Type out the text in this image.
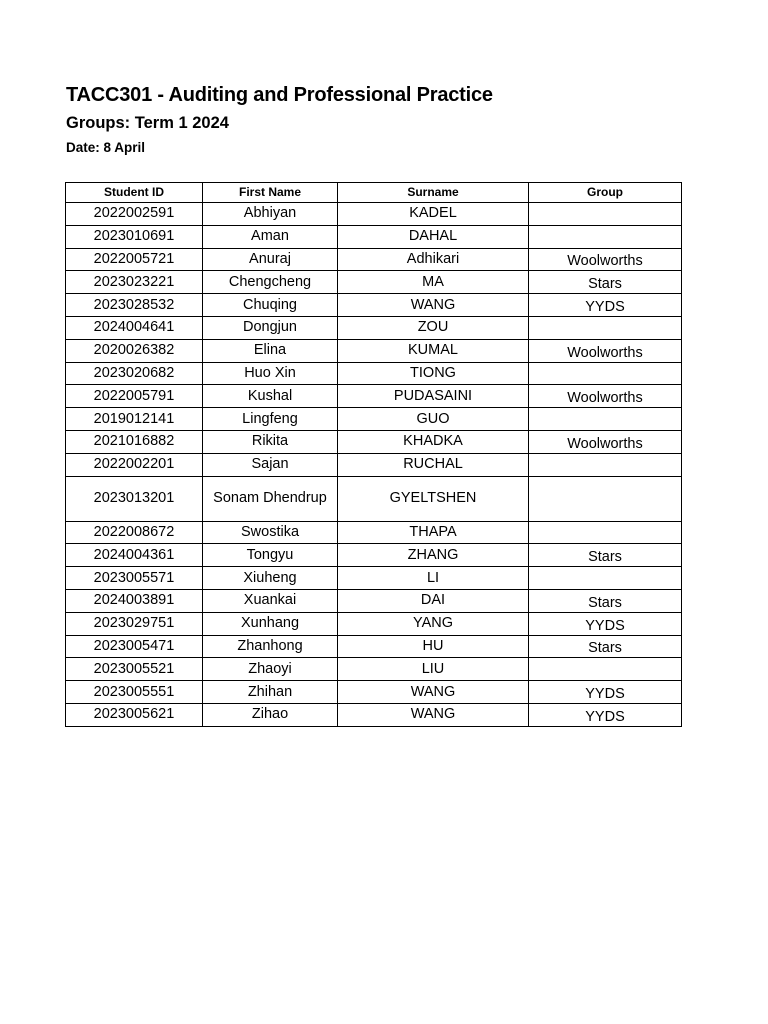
TACC301 - Auditing and Professional Practice
Groups: Term 1 2024
Date: 8 April
Student ID	First Name	Surname	Group
2022002591	Abhiyan	KADEL	
2023010691	Aman	DAHAL	
2022005721	Anuraj	Adhikari	Woolworths
2023023221	Chengcheng	MA	Stars
2023028532	Chuqing	WANG	YYDS
2024004641	Dongjun	ZOU	
2020026382	Elina	KUMAL	Woolworths
2023020682	Huo Xin	TIONG	
2022005791	Kushal	PUDASAINI	Woolworths
2019012141	Lingfeng	GUO	
2021016882	Rikita	KHADKA	Woolworths
2022002201	Sajan	RUCHAL	
2023013201	Sonam Dhendrup	GYELTSHEN	
2022008672	Swostika	THAPA	
2024004361	Tongyu	ZHANG	Stars
2023005571	Xiuheng	LI	
2024003891	Xuankai	DAI	Stars
2023029751	Xunhang	YANG	YYDS
2023005471	Zhanhong	HU	Stars
2023005521	Zhaoyi	LIU	
2023005551	Zhihan	WANG	YYDS
2023005621	Zihao	WANG	YYDS
